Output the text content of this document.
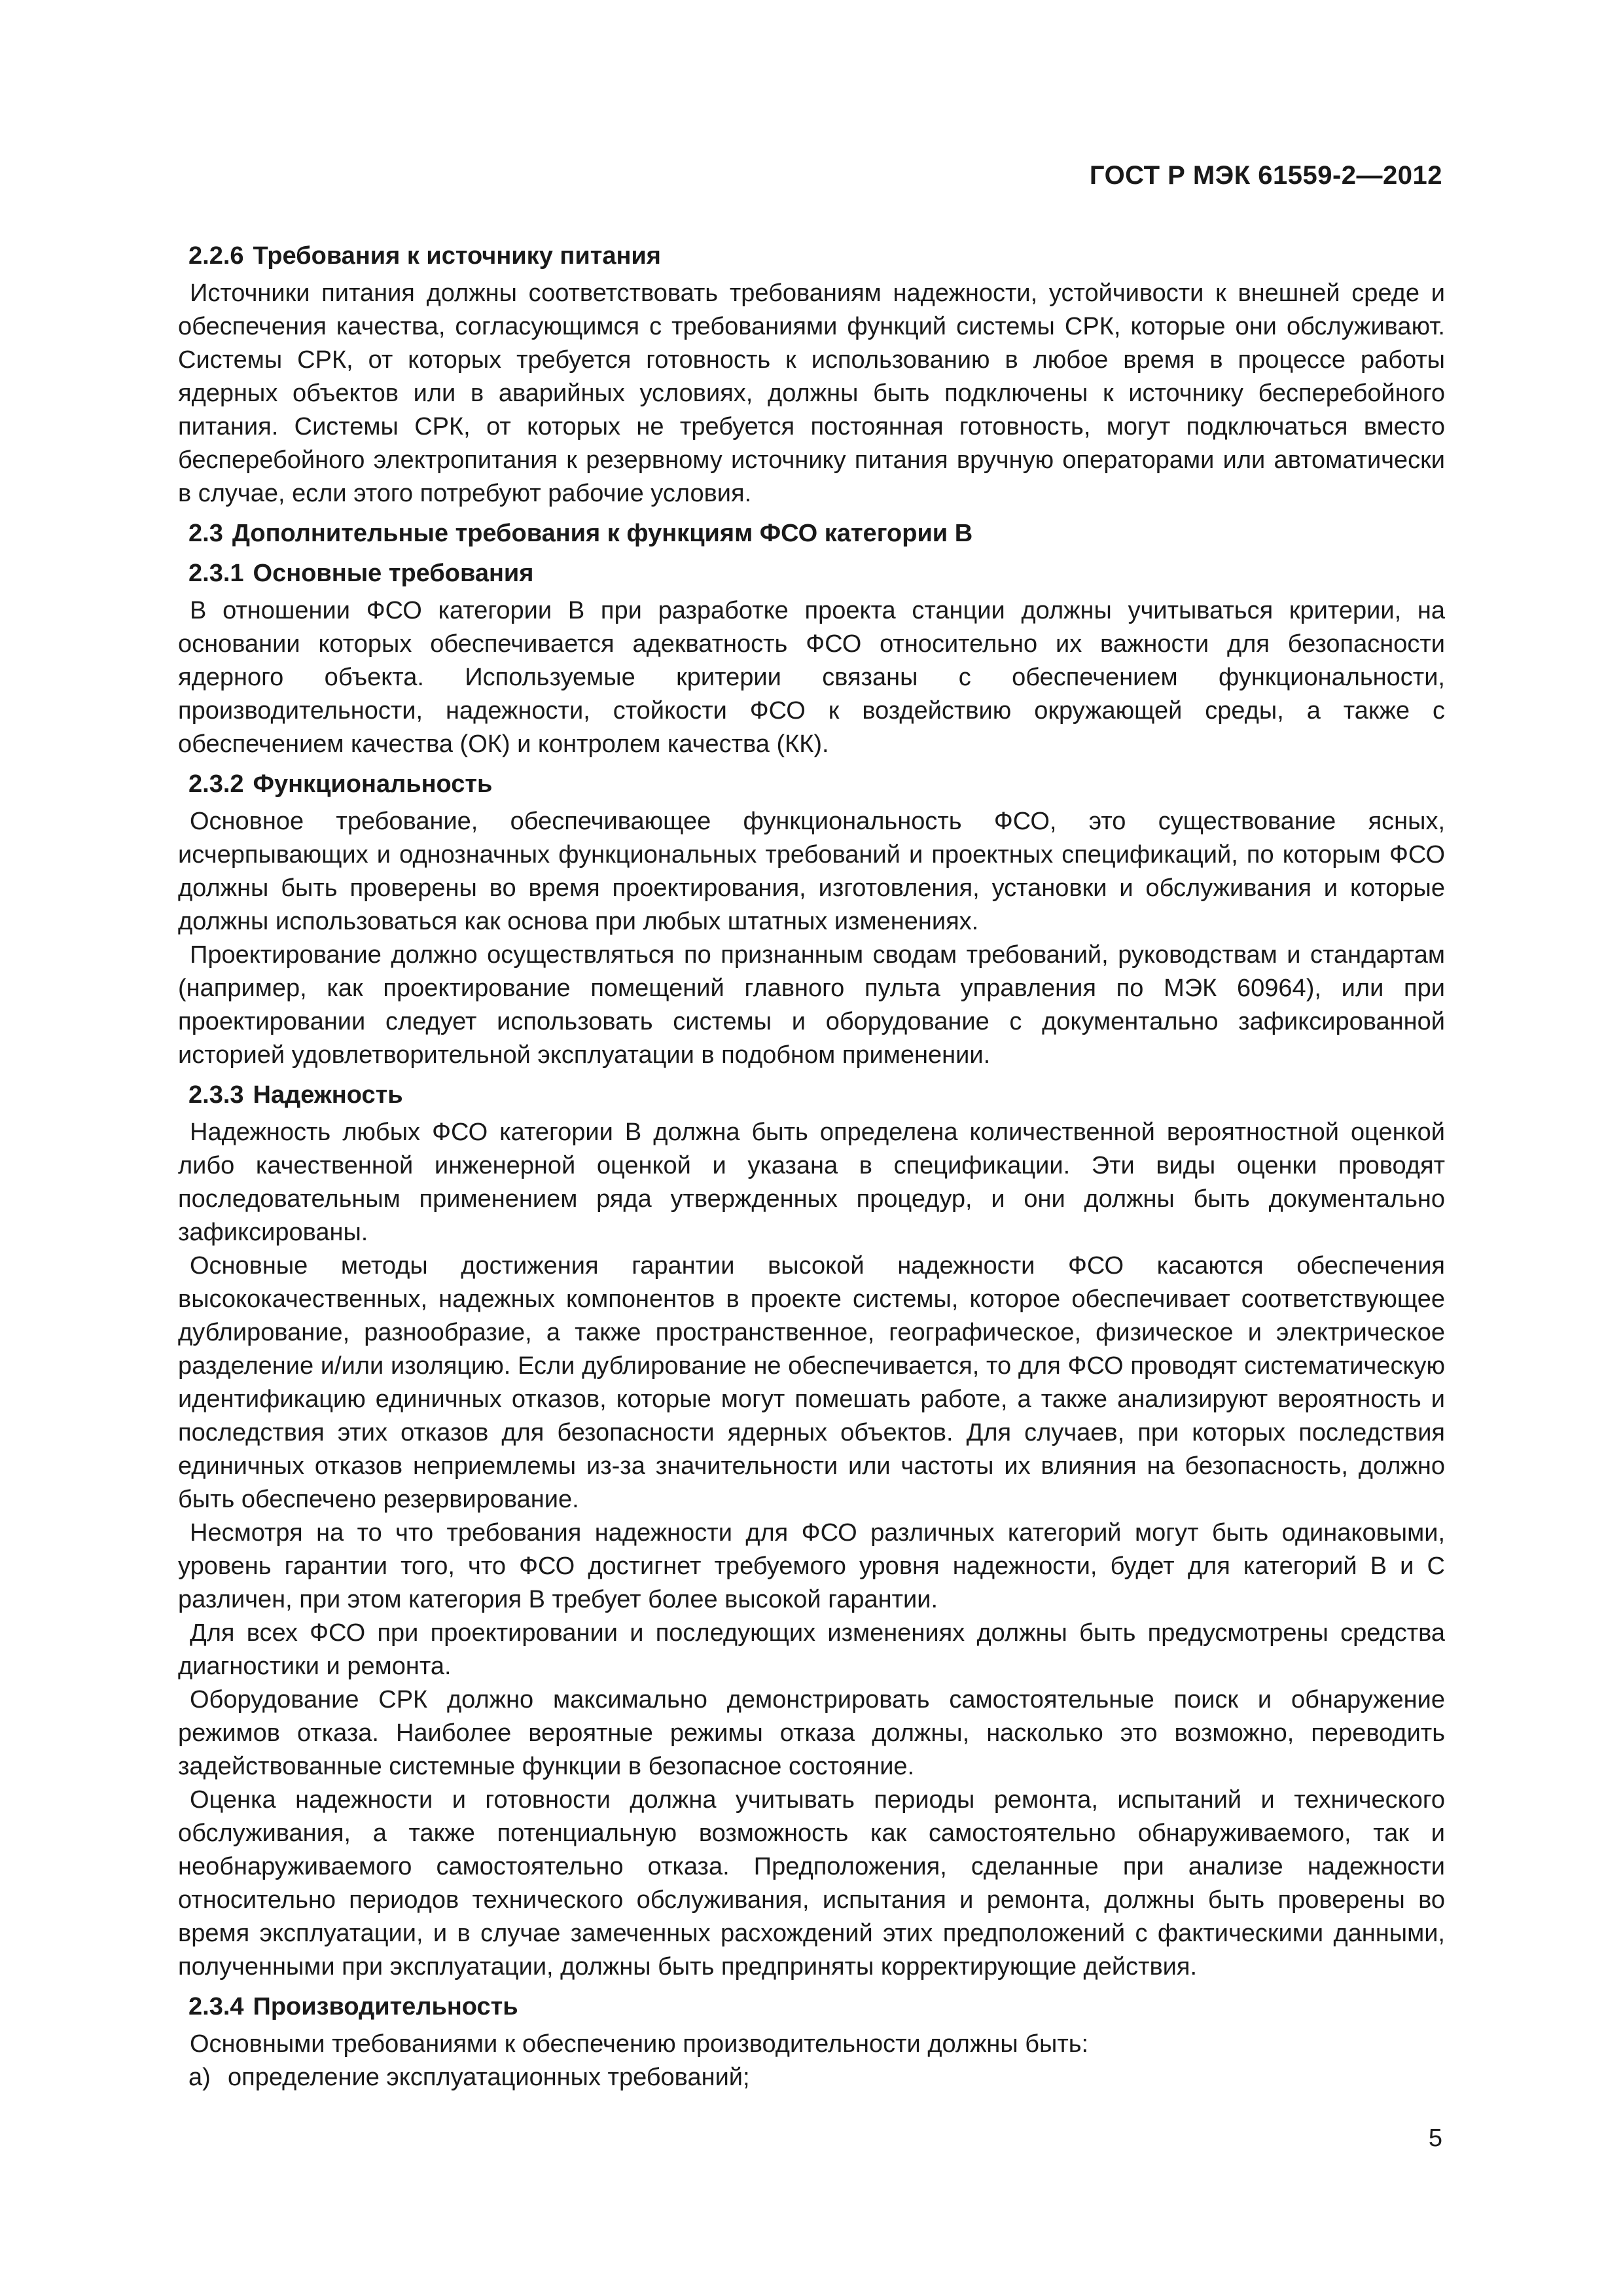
ГОСТ Р МЭК 61559-2—2012
2.2.6 Требования к источнику питания

Источники питания должны соответствовать требованиям надежности, устойчивости к внешней среде и обеспечения качества, согласующимся с требованиями функций системы СРК, которые они обслуживают. Системы СРК, от которых требуется готовность к использованию в любое время в процессе работы ядерных объектов или в аварийных условиях, должны быть подключены к источнику бесперебойного питания. Системы СРК, от которых не требуется постоянная готовность, могут подключаться вместо бесперебойного электропитания к резервному источнику питания вручную операторами или автоматически в случае, если этого потребуют рабочие условия.

2.3 Дополнительные требования к функциям ФСО категории В
2.3.1 Основные требования

В отношении ФСО категории В при разработке проекта станции должны учитываться критерии, на основании которых обеспечивается адекватность ФСО относительно их важности для безопасности ядерного объекта. Используемые критерии связаны с обеспечением функциональности, производительности, надежности, стойкости ФСО к воздействию окружающей среды, а также с обеспечением качества (ОК) и контролем качества (КК).

2.3.2 Функциональность

Основное требование, обеспечивающее функциональность ФСО, это существование ясных, исчерпывающих и однозначных функциональных требований и проектных спецификаций, по которым ФСО должны быть проверены во время проектирования, изготовления, установки и обслуживания и которые должны использоваться как основа при любых штатных изменениях.

Проектирование должно осуществляться по признанным сводам требований, руководствам и стандартам (например, как проектирование помещений главного пульта управления по МЭК 60964), или при проектировании следует использовать системы и оборудование с документально зафиксированной историей удовлетворительной эксплуатации в подобном применении.

2.3.3 Надежность

Надежность любых ФСО категории В должна быть определена количественной вероятностной оценкой либо качественной инженерной оценкой и указана в спецификации. Эти виды оценки проводят последовательным применением ряда утвержденных процедур, и они должны быть документально зафиксированы.

Основные методы достижения гарантии высокой надежности ФСО касаются обеспечения высококачественных, надежных компонентов в проекте системы, которое обеспечивает соответствующее дублирование, разнообразие, а также пространственное, географическое, физическое и электрическое разделение и/или изоляцию. Если дублирование не обеспечивается, то для ФСО проводят систематическую идентификацию единичных отказов, которые могут помешать работе, а также анализируют вероятность и последствия этих отказов для безопасности ядерных объектов. Для случаев, при которых последствия единичных отказов неприемлемы из-за значительности или частоты их влияния на безопасность, должно быть обеспечено резервирование.

Несмотря на то что требования надежности для ФСО различных категорий могут быть одинаковыми, уровень гарантии того, что ФСО достигнет требуемого уровня надежности, будет для категорий В и С различен, при этом категория В требует более высокой гарантии.

Для всех ФСО при проектировании и последующих изменениях должны быть предусмотрены средства диагностики и ремонта.

Оборудование СРК должно максимально демонстрировать самостоятельные поиск и обнаружение режимов отказа. Наиболее вероятные режимы отказа должны, насколько это возможно, переводить задействованные системные функции в безопасное состояние.

Оценка надежности и готовности должна учитывать периоды ремонта, испытаний и технического обслуживания, а также потенциальную возможность как самостоятельно обнаруживаемого, так и необнаруживаемого самостоятельно отказа. Предположения, сделанные при анализе надежности относительно периодов технического обслуживания, испытания и ремонта, должны быть проверены во время эксплуатации, и в случае замеченных расхождений этих предположений с фактическими данными, полученными при эксплуатации, должны быть предприняты корректирующие действия.

2.3.4 Производительность

Основными требованиями к обеспечению производительности должны быть:

а) определение эксплуатационных требований;
5
